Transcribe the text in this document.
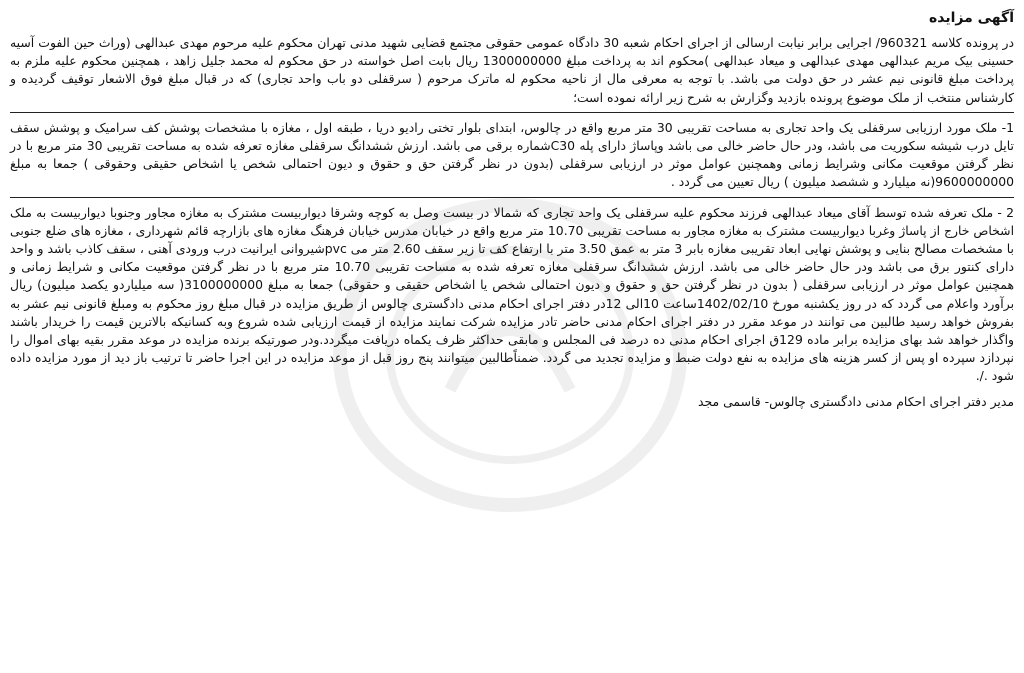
آگهی مزایده

در پرونده کلاسه 960321/ اجرایی برابر نیابت ارسالی از اجرای احکام شعبه 30 دادگاه عمومی حقوقی مجتمع قضایی شهید مدنی تهران محکوم علیه مرحوم مهدی عبدالهی (وراث حین الفوت آسیه حسینی بیک مریم عبدالهی مهدی عبدالهی و میعاد عبدالهی )محکوم اند به پرداخت مبلغ 1300000000 ریال بابت اصل خواسته در حق محکوم له محمد جلیل زاهد ، همچنین محکوم علیه ملزم به پرداخت مبلغ قانونی نیم عشر در حق دولت می باشد. با توجه به معرفی مال از ناحیه محکوم له ماترک مرحوم ( سرقفلی دو باب واحد تجاری) که در قبال مبلغ فوق الاشعار توقیف گردیده و کارشناس منتخب از ملک موضوع پرونده بازدید وگزارش به شرح زیر ارائه نموده است؛

1- ملک مورد ارزیابی سرقفلی یک واحد تجاری به مساحت تقریبی 30 متر مربع واقع در چالوس، ابتدای بلوار تختی رادیو دریا ، طبقه اول ، مغازه با مشخصات پوشش کف سرامیک و پوشش سقف تایل درب شیشه سکوریت می باشد، ودر حال حاضر خالی می باشد وپاساژ دارای پله C30شماره برقی می باشد. ارزش ششدانگ سرقفلی مغازه تعرفه شده به مساحت تقریبی 30 متر مربع با در نظر گرفتن موقعیت مکانی وشرایط زمانی وهمچنین عوامل موثر در ارزیابی سرقفلی (بدون در نظر گرفتن حق و حقوق و دیون احتمالی شخص یا اشخاص حقیقی وحقوقی ) جمعا به مبلغ 9600000000(نه میلیارد و ششصد میلیون ) ریال تعیین می گردد .

2 - ملک تعرفه شده توسط آقای میعاد عبدالهی فرزند محکوم علیه سرقفلی یک واحد تجاری که شمالا در بیست وصل به کوچه وشرقا دیواربیست مشترک به مغازه مجاور وجنوبا دیواربیست به ملک اشخاص خارج از پاساژ وغربا دیواربیست مشترک به مغازه مجاور به مساحت تقریبی 10.70 متر مربع واقع در خیابان مدرس خیابان فرهنگ مغازه های بازارچه قائم شهرداری ، مغازه های ضلع جنوبی با مشخصات مصالح بنایی و پوشش نهایی ابعاد تقریبی مغازه بابر 3 متر به عمق 3.50 متر با ارتفاع کف تا زیر سقف 2.60 متر می pvcشیروانی ایرانیت درب ورودی آهنی ، سقف کاذب باشد و واحد دارای کنتور برق می باشد ودر حال حاضر خالی می باشد. ارزش ششدانگ سرقفلی مغازه تعرفه شده به مساحت تقریبی 10.70 متر مربع با در نظر گرفتن موقعیت مکانی و شرایط زمانی و همچنین عوامل موثر در ارزیابی سرقفلی ( بدون در نظر گرفتن حق و حقوق و دیون احتمالی شخص یا اشخاص حقیقی و حقوقی) جمعا به مبلغ 3100000000( سه میلیاردو یکصد میلیون) ریال برآورد واعلام می گردد که در روز یکشنبه مورخ 1402/02/10ساعت 10الی 12در دفتر اجرای احکام مدنی دادگستری چالوس از طریق مزایده در قبال مبلغ روز محکوم به ومبلغ قانونی نیم عشر به بفروش خواهد رسید طالبین می توانند در موعد مقرر در دفتر اجرای احکام مدنی حاضر تادر مزایده شرکت نمایند مزایده از قیمت ارزیابی شده شروع وبه کسانیکه بالاترین قیمت را خریدار باشند واگذار خواهد شد بهای مزایده برابر ماده 129ق اجرای احکام مدنی ده درصد فی المجلس و مابقی حداکثر ظرف یکماه دریافت میگردد.ودر صورتیکه برنده مزایده در موعد مقرر بقیه بهای اموال را نپردازد سپرده او پس از کسر هزینه های مزایده به نفع دولت ضبط و مزایده تجدید می گردد. ضمناًطالبین میتوانند پنج روز قبل از موعد مزایده در این اجرا حاضر تا ترتیب باز دید از مورد مزایده داده شود ./.

مدیر دفتر اجرای احکام مدنی دادگستری چالوس- قاسمی مجد
